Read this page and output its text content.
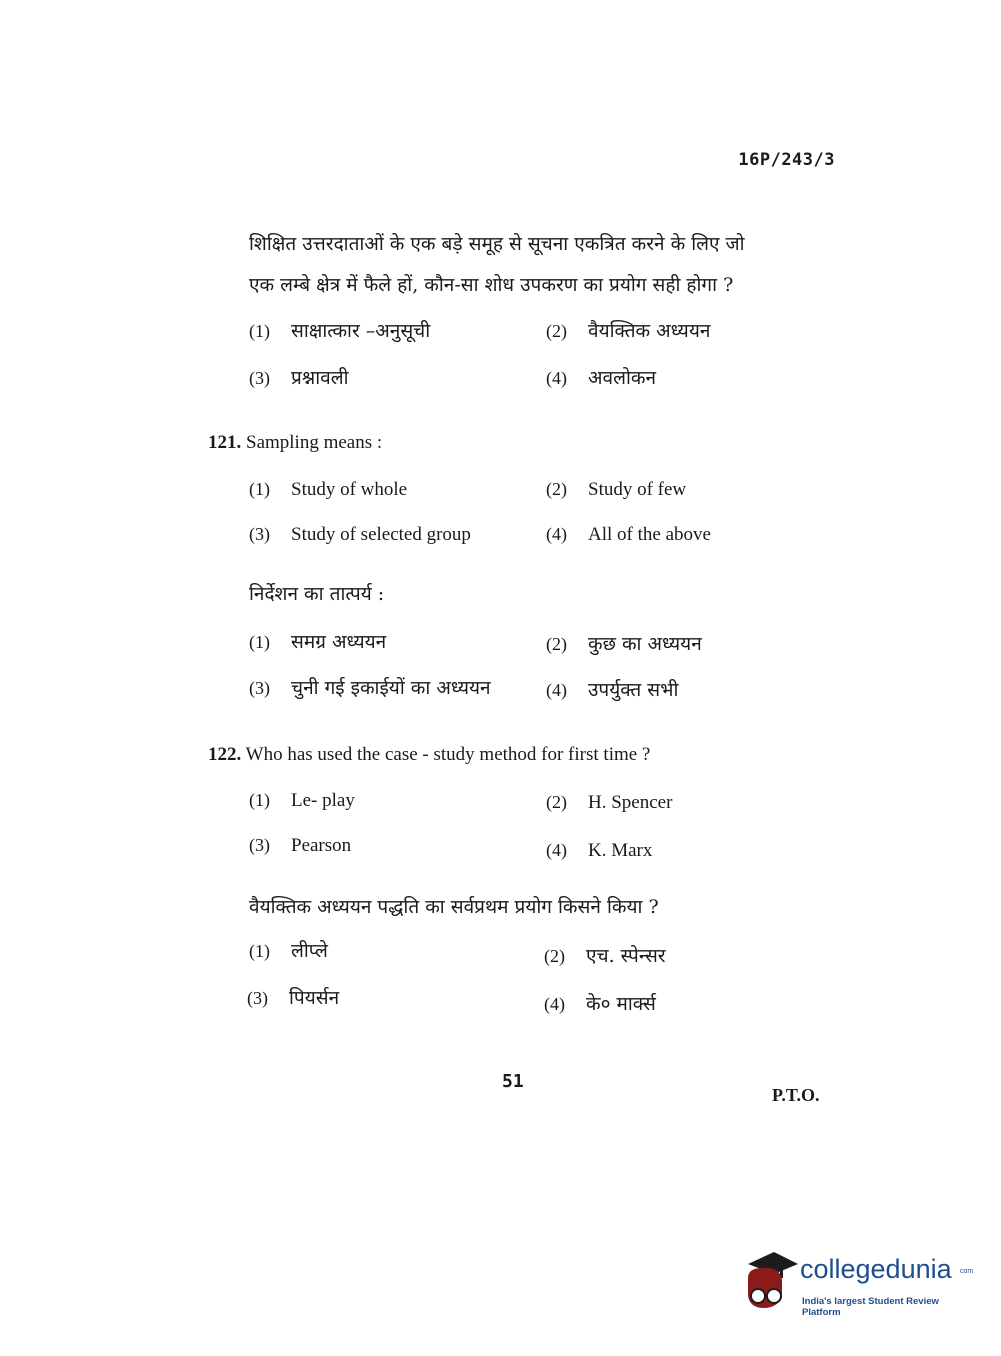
16P/243/3
शिक्षित उत्तरदाताओं के एक बड़े समूह से सूचना एकत्रित करने के लिए जो
एक लम्बे क्षेत्र में फैले हों, कौन-सा शोध उपकरण का प्रयोग सही होगा ?
(1) साक्षात्कार –अनुसूची	(2) वैयक्तिक अध्ययन
(3) प्रश्नावली	(4) अवलोकन
121. Sampling means :
(1) Study of whole	(2) Study of few
(3) Study of selected group	(4) All of the above
निर्देशन का तात्पर्य :
(1) समग्र अध्ययन	(2) कुछ का अध्ययन
(3) चुनी गई इकाईयों का अध्ययन	(4) उपर्युक्त सभी
122. Who has used the case - study method for first time ?
(1) Le- play	(2) H. Spencer
(3) Pearson	(4) K. Marx
वैयक्तिक अध्ययन पद्धति का सर्वप्रथम प्रयोग किसने किया ?
(1) लीप्ले	(2) एच. स्पेन्सर
(3) पियर्सन	(4) के० मार्क्स
51
P.T.O.
collegedunia com
India's largest Student Review Platform
